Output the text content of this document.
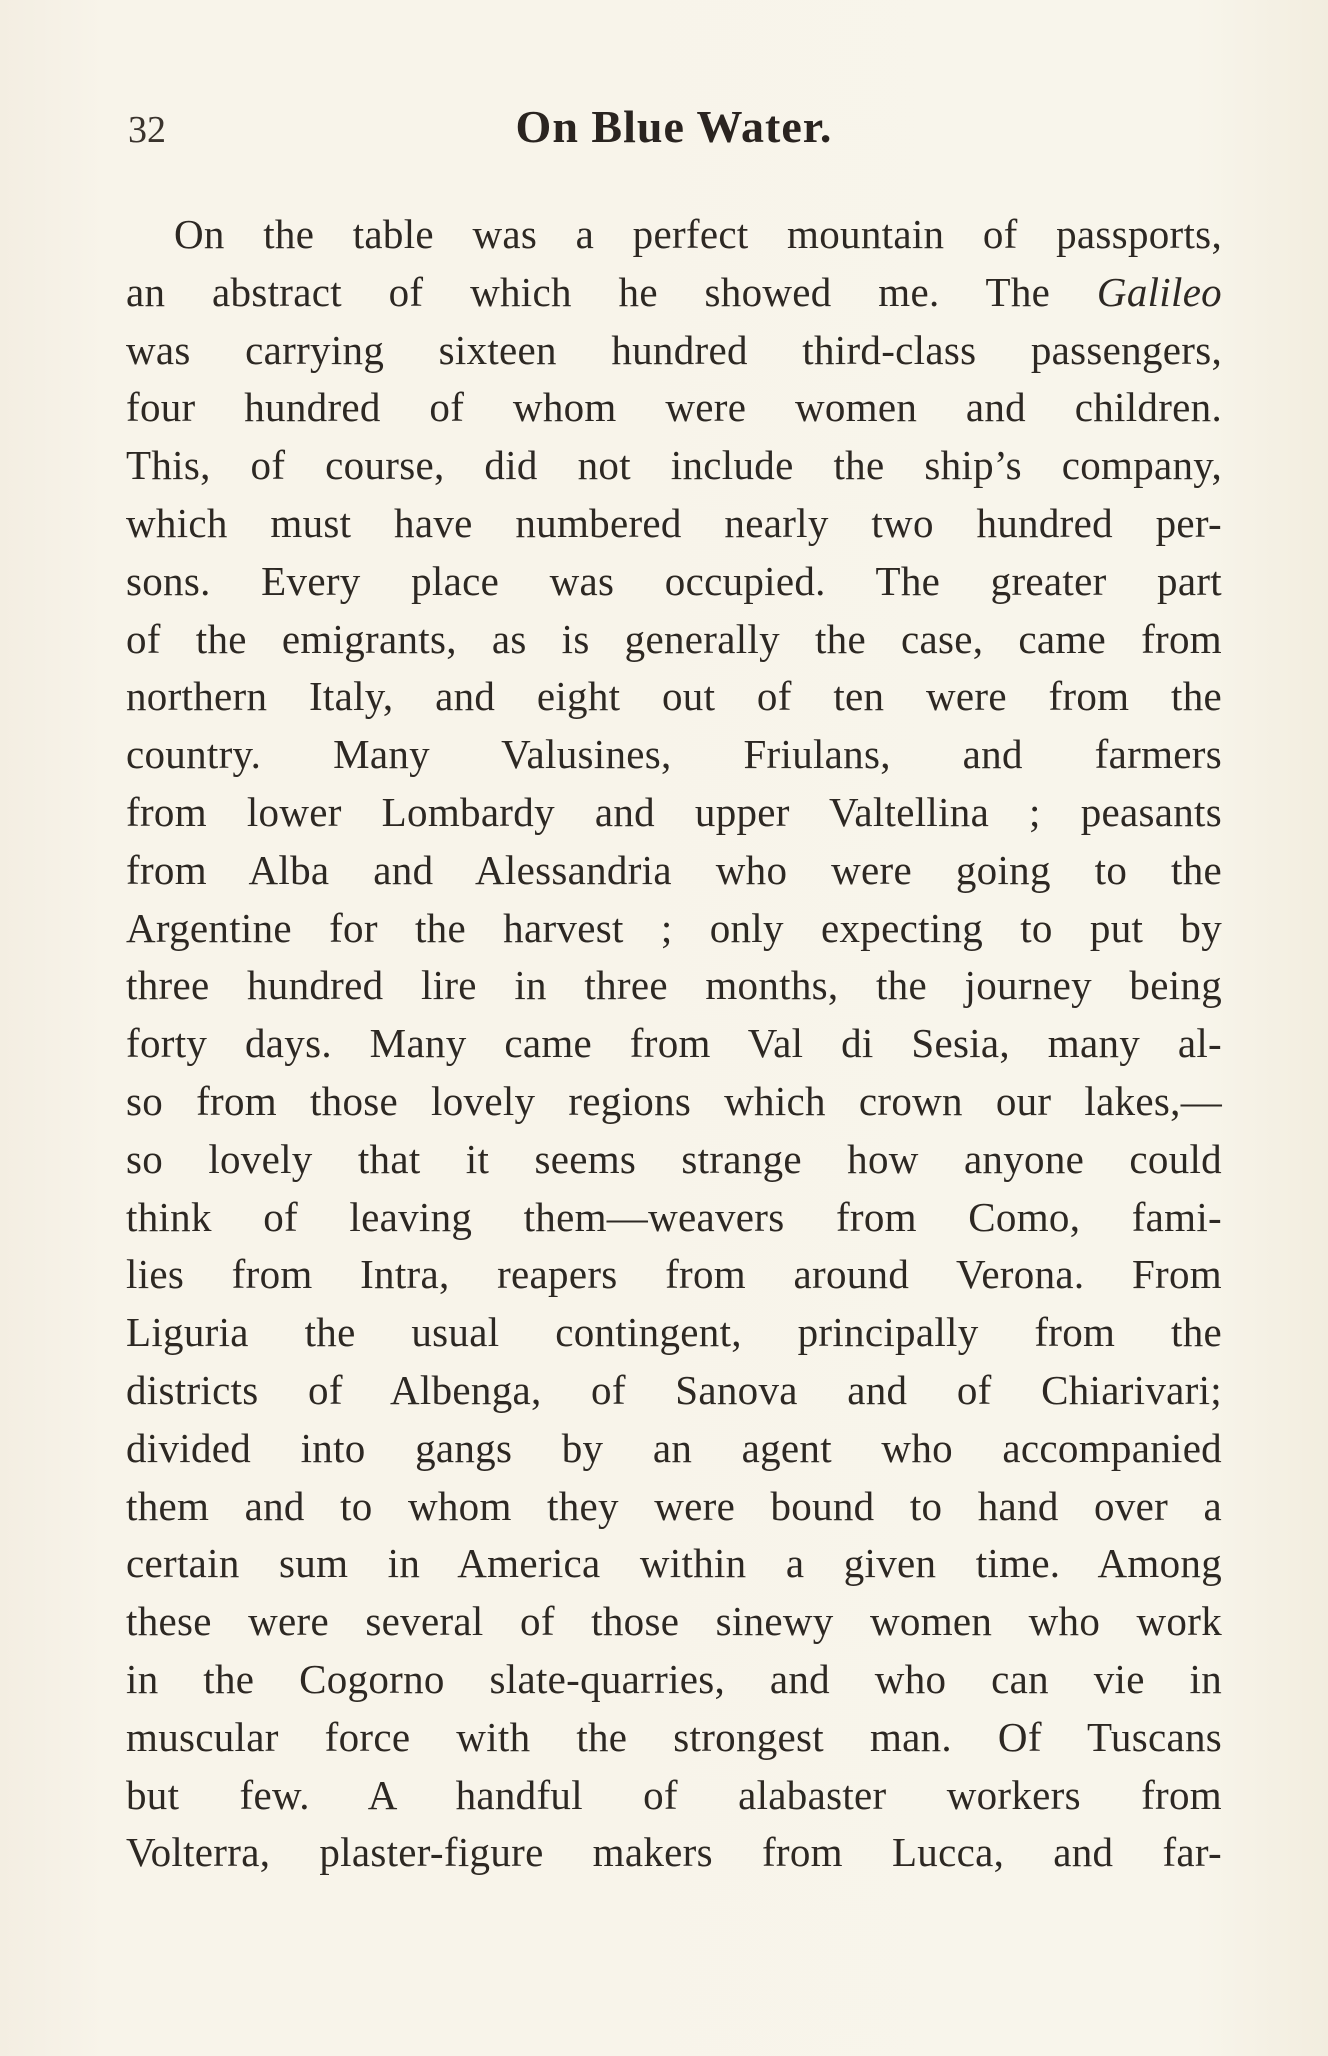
32	On Blue Water.
On the table was a perfect mountain of passports,
an abstract of which he showed me. The Galileo
was carrying sixteen hundred third-class passengers,
four hundred of whom were women and children.
This, of course, did not include the ship’s company,
which must have numbered nearly two hundred per-
sons. Every place was occupied. The greater part
of the emigrants, as is generally the case, came from
northern Italy, and eight out of ten were from the
country. Many Valusines, Friulans, and farmers
from lower Lombardy and upper Valtellina ; peasants
from Alba and Alessandria who were going to the
Argentine for the harvest ; only expecting to put by
three hundred lire in three months, the journey being
forty days. Many came from Val di Sesia, many al-
so from those lovely regions which crown our lakes,—
so lovely that it seems strange how anyone could
think of leaving them—weavers from Como, fami-
lies from Intra, reapers from around Verona. From
Liguria the usual contingent, principally from the
districts of Albenga, of Sanova and of Chiarivari;
divided into gangs by an agent who accompanied
them and to whom they were bound to hand over a
certain sum in America within a given time. Among
these were several of those sinewy women who work
in the Cogorno slate-quarries, and who can vie in
muscular force with the strongest man. Of Tuscans
but few. A handful of alabaster workers from
Volterra, plaster-figure makers from Lucca, and far-
